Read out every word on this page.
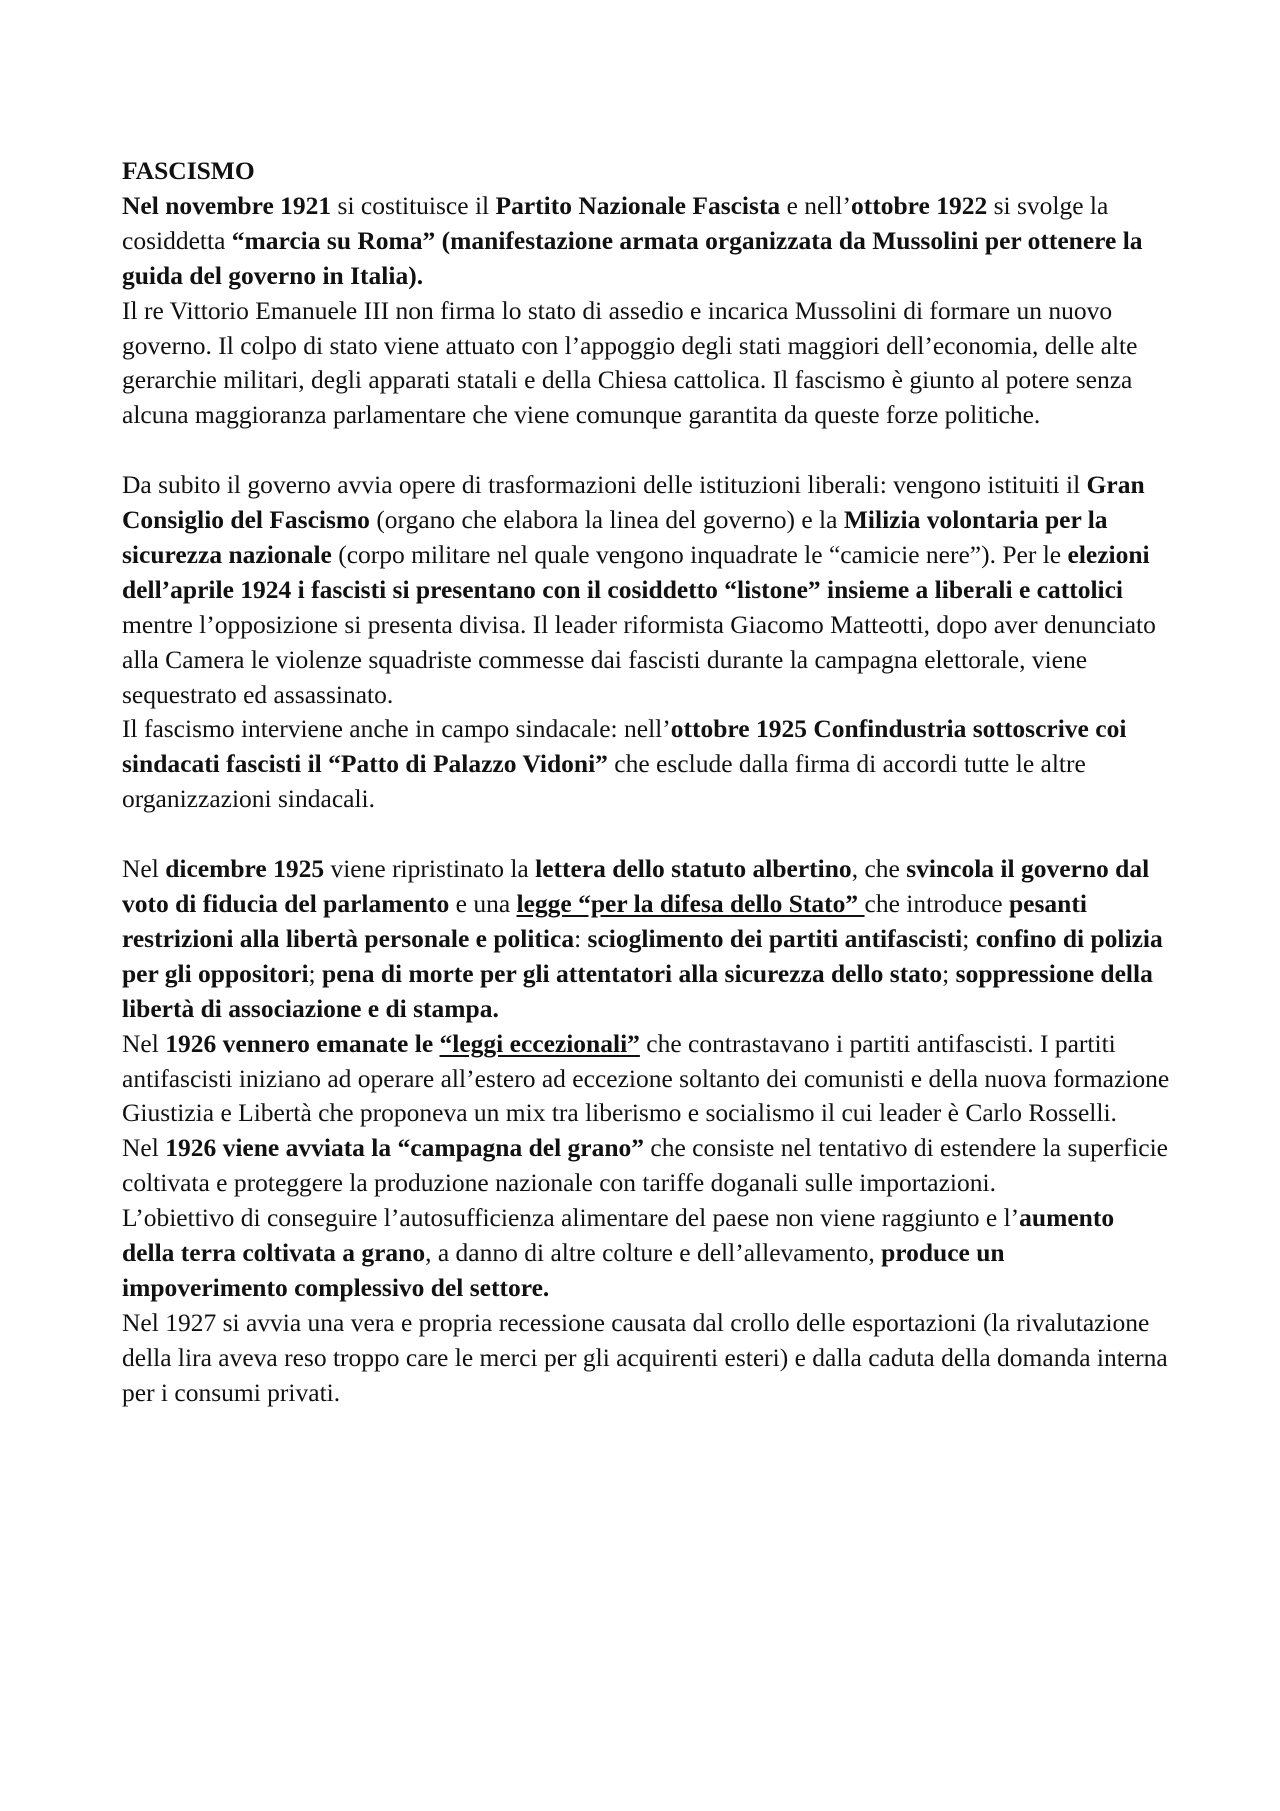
FASCISMO

Nel novembre 1921 si costituisce il Partito Nazionale Fascista e nell’ottobre 1922 si svolge la cosiddetta “marcia su Roma” (manifestazione armata organizzata da Mussolini per ottenere la guida del governo in Italia).

Il re Vittorio Emanuele III non firma lo stato di assedio e incarica Mussolini di formare un nuovo governo. Il colpo di stato viene attuato con l’appoggio degli stati maggiori dell’economia, delle alte gerarchie militari, degli apparati statali e della Chiesa cattolica. Il fascismo è giunto al potere senza alcuna maggioranza parlamentare che viene comunque garantita da queste forze politiche.

Da subito il governo avvia opere di trasformazioni delle istituzioni liberali: vengono istituiti il Gran Consiglio del Fascismo (organo che elabora la linea del governo) e la Milizia volontaria per la sicurezza nazionale (corpo militare nel quale vengono inquadrate le “camicie nere”). Per le elezioni dell’aprile 1924 i fascisti si presentano con il cosiddetto “listone” insieme a liberali e cattolici mentre l’opposizione si presenta divisa. Il leader riformista Giacomo Matteotti, dopo aver denunciato alla Camera le violenze squadriste commesse dai fascisti durante la campagna elettorale, viene sequestrato ed assassinato.

Il fascismo interviene anche in campo sindacale: nell’ottobre 1925 Confindustria sottoscrive coi sindacati fascisti il “Patto di Palazzo Vidoni” che esclude dalla firma di accordi tutte le altre organizzazioni sindacali.

Nel dicembre 1925 viene ripristinato la lettera dello statuto albertino, che svincola il governo dal voto di fiducia del parlamento e una legge “per la difesa dello Stato” che introduce pesanti restrizioni alla libertà personale e politica: scioglimento dei partiti antifascisti; confino di polizia per gli oppositori; pena di morte per gli attentatori alla sicurezza dello stato; soppressione della libertà di associazione e di stampa.

Nel 1926 vennero emanate le “leggi eccezionali” che contrastavano i partiti antifascisti. I partiti antifascisti iniziano ad operare all’estero ad eccezione soltanto dei comunisti e della nuova formazione Giustizia e Libertà che proponeva un mix tra liberismo e socialismo il cui leader è Carlo Rosselli.

Nel 1926 viene avviata la “campagna del grano” che consiste nel tentativo di estendere la superficie coltivata e proteggere la produzione nazionale con tariffe doganali sulle importazioni.

L’obiettivo di conseguire l’autosufficienza alimentare del paese non viene raggiunto e l’aumento della terra coltivata a grano, a danno di altre colture e dell’allevamento, produce un impoverimento complessivo del settore.

Nel 1927 si avvia una vera e propria recessione causata dal crollo delle esportazioni (la rivalutazione della lira aveva reso troppo care le merci per gli acquirenti esteri) e dalla caduta della domanda interna per i consumi privati.
